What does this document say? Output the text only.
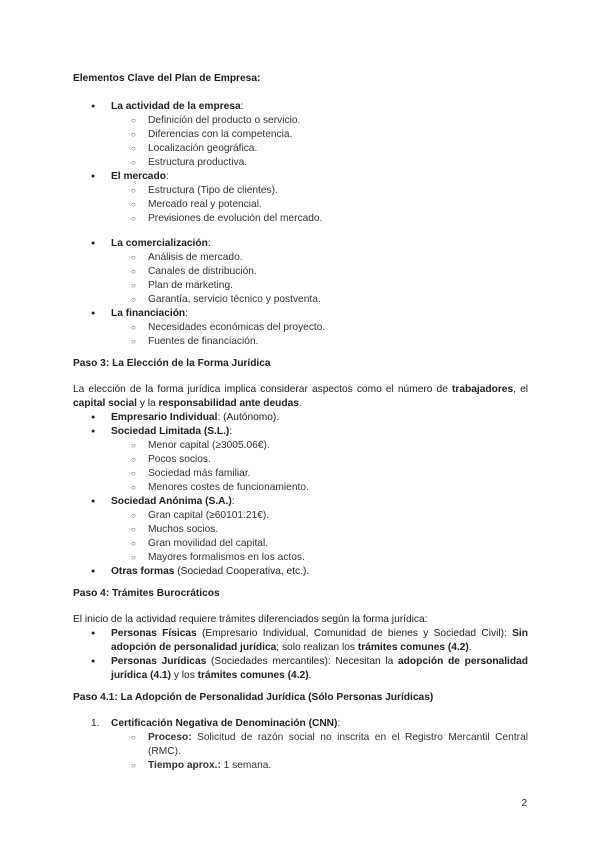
Elementos Clave del Plan de Empresa:

● La actividad de la empresa:
○ Definición del producto o servicio.
○ Diferencias con la competencia.
○ Localización geográfica.
○ Estructura productiva.
● El mercado:
○ Estructura (Tipo de clientes).
○ Mercado real y potencial.
○ Previsiones de evolución del mercado.
● La comercialización:
○ Análisis de mercado.
○ Canales de distribución.
○ Plan de marketing.
○ Garantía, servicio técnico y postventa.
● La financiación:
○ Necesidades económicas del proyecto.
○ Fuentes de financiación.

Paso 3: La Elección de la Forma Jurídica

La elección de la forma jurídica implica considerar aspectos como el número de trabajadores, el capital social y la responsabilidad ante deudas.

● Empresario Individual: (Autónomo).
● Sociedad Limitada (S.L.):
○ Menor capital (≥3005.06€).
○ Pocos socios.
○ Sociedad más familiar.
○ Menores costes de funcionamiento.
● Sociedad Anónima (S.A.):
○ Gran capital (≥60101.21€).
○ Muchos socios.
○ Gran movilidad del capital.
○ Mayores formalismos en los actos.
● Otras formas (Sociedad Cooperativa, etc.).

Paso 4: Trámites Burocráticos

El inicio de la actividad requiere trámites diferenciados según la forma jurídica:

● Personas Físicas (Empresario Individual, Comunidad de bienes y Sociedad Civil): Sin adopción de personalidad jurídica; solo realizan los trámites comunes (4.2).
● Personas Jurídicas (Sociedades mercantiles): Necesitan la adopción de personalidad jurídica (4.1) y los trámites comunes (4.2).

Paso 4.1: La Adopción de Personalidad Jurídica (Sólo Personas Jurídicas)

1. Certificación Negativa de Denominación (CNN):
○ Proceso: Solicitud de razón social no inscrita en el Registro Mercantil Central (RMC).
○ Tiempo aprox.: 1 semana.
2
